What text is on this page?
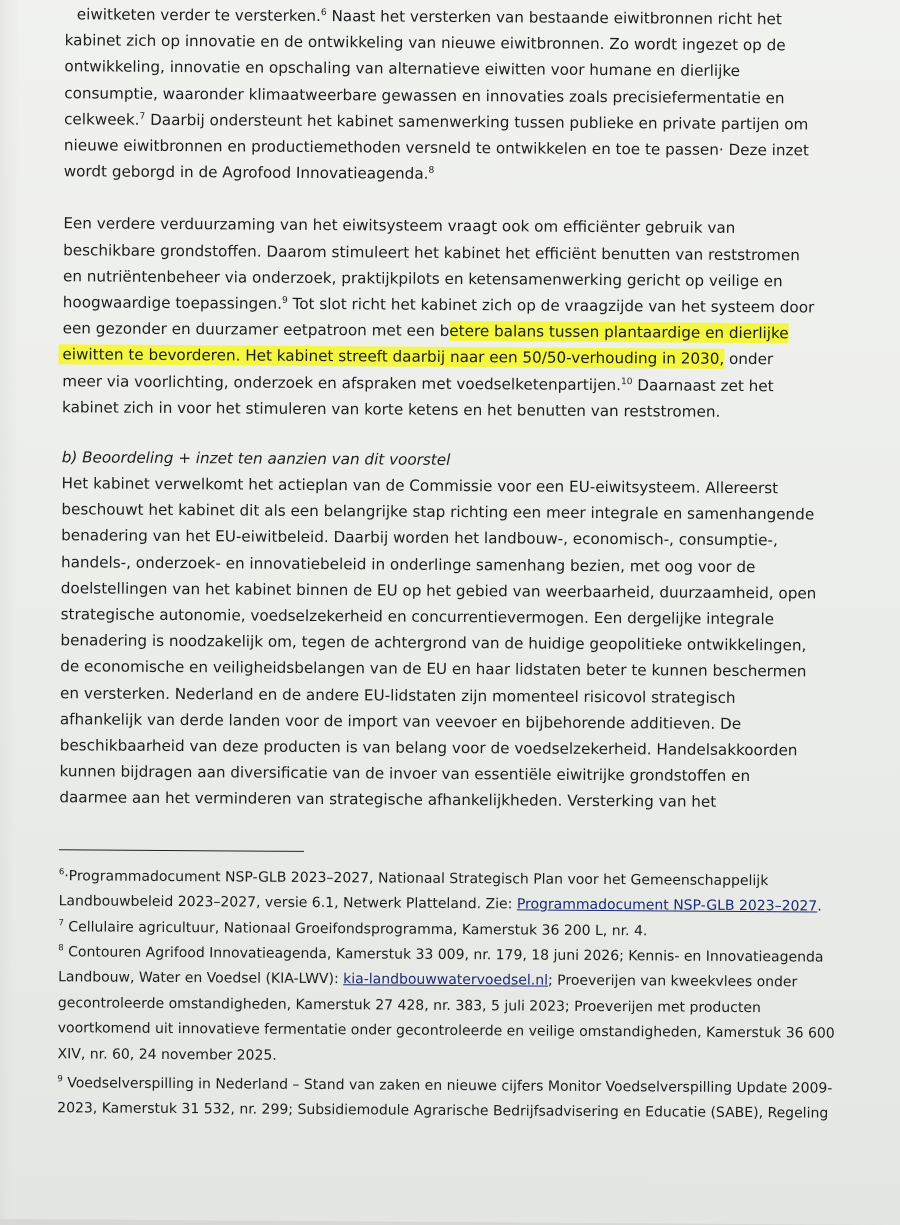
eiwitketen verder te versterken.$^6$ Naast het versterken van bestaande eiwitbronnen richt het
kabinet zich op innovatie en de ontwikkeling van nieuwe eiwitbronnen. Zo wordt ingezet op de
ontwikkeling, innovatie en opschaling van alternatieve eiwitten voor humane en dierlijke
consumptie, waaronder klimaatweerbare gewassen en innovaties zoals precisiefermentatie en
celkweek.$^7$ Daarbij ondersteunt het kabinet samenwerking tussen publieke en private partijen om
nieuwe eiwitbronnen en productiemethoden versneld te ontwikkelen en toe te passen· Deze inzet
wordt geborgd in de Agrofood Innovatieagenda.$^8$
Een verdere verduurzaming van het eiwitsysteem vraagt ook om efficiënter gebruik van
beschikbare grondstoffen. Daarom stimuleert het kabinet het efficiënt benutten van reststromen
en nutriëntenbeheer via onderzoek, praktijkpilots en ketensamenwerking gericht op veilige en
hoogwaardige toepassingen.$^9$ Tot slot richt het kabinet zich op de vraagzijde van het systeem door
een gezonder en duurzamer eetpatroon met een betere balans tussen plantaardige en dierlijke
eiwitten te bevorderen. Het kabinet streeft daarbij naar een 50/50-verhouding in 2030, onder
meer via voorlichting, onderzoek en afspraken met voedselketenpartijen.$^{10}$ Daarnaast zet het
kabinet zich in voor het stimuleren van korte ketens en het benutten van reststromen.
b) Beoordeling + inzet ten aanzien van dit voorstel
Het kabinet verwelkomt het actieplan van de Commissie voor een EU-eiwitsysteem. Allereerst
beschouwt het kabinet dit als een belangrijke stap richting een meer integrale en samenhangende
benadering van het EU-eiwitbeleid. Daarbij worden het landbouw-, economisch-, consumptie-,
handels-, onderzoek- en innovatiebeleid in onderlinge samenhang bezien, met oog voor de
doelstellingen van het kabinet binnen de EU op het gebied van weerbaarheid, duurzaamheid, open
strategische autonomie, voedselzekerheid en concurrentievermogen. Een dergelijke integrale
benadering is noodzakelijk om, tegen de achtergrond van de huidige geopolitieke ontwikkelingen,
de economische en veiligheidsbelangen van de EU en haar lidstaten beter te kunnen beschermen
en versterken. Nederland en de andere EU-lidstaten zijn momenteel risicovol strategisch
afhankelijk van derde landen voor de import van veevoer en bijbehorende additieven. De
beschikbaarheid van deze producten is van belang voor de voedselzekerheid. Handelsakkoorden
kunnen bijdragen aan diversificatie van de invoer van essentiële eiwitrijke grondstoffen en
daarmee aan het verminderen van strategische afhankelijkheden. Versterking van het
$^6$·Programmadocument NSP-GLB 2023–2027, Nationaal Strategisch Plan voor het Gemeenschappelijk
Landbouwbeleid 2023–2027, versie 6.1, Netwerk Platteland. Zie: Programmadocument NSP-GLB 2023–2027.
$^7$ Cellulaire agricultuur, Nationaal Groeifondsprogramma, Kamerstuk 36 200 L, nr. 4.
$^8$ Contouren Agrifood Innovatieagenda, Kamerstuk 33 009, nr. 179, 18 juni 2026; Kennis- en Innovatieagenda
Landbouw, Water en Voedsel (KIA-LWV): kia-landbouwwatervoedsel.nl; Proeverijen van kweekvlees onder
gecontroleerde omstandigheden, Kamerstuk 27 428, nr. 383, 5 juli 2023; Proeverijen met producten
voortkomend uit innovatieve fermentatie onder gecontroleerde en veilige omstandigheden, Kamerstuk 36 600
XIV, nr. 60, 24 november 2025.
$^9$ Voedselverspilling in Nederland – Stand van zaken en nieuwe cijfers Monitor Voedselverspilling Update 2009-
2023, Kamerstuk 31 532, nr. 299; Subsidiemodule Agrarische Bedrijfsadvisering en Educatie (SABE), Regeling
